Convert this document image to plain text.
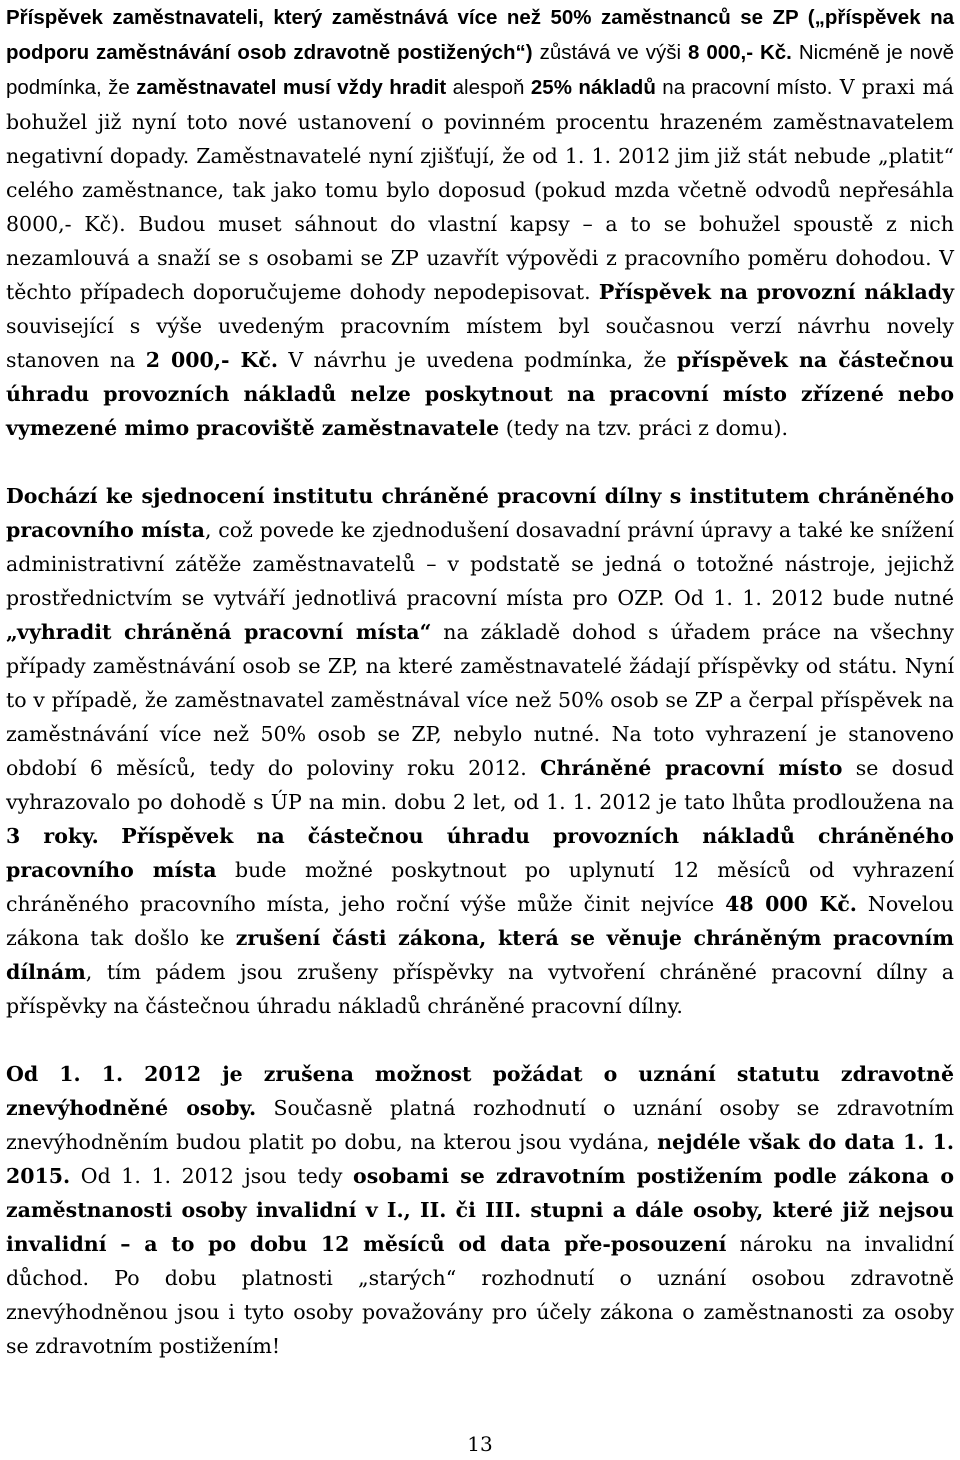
Příspěvek zaměstnavateli, který zaměstnává více než 50% zaměstnanců se ZP („příspěvek na podporu zaměstnávání osob zdravotně postižených“) zůstává ve výši 8 000,- Kč. Nicméně je nově podmínka, že zaměstnavatel musí vždy hradit alespoň 25% nákladů na pracovní místo. V praxi má bohužel již nyní toto nové ustanovení o povinném procentu hrazeném zaměstnavatelem negativní dopady. Zaměstnavatelé nyní zjišťují, že od 1. 1. 2012 jim již stát nebude „platit“ celého zaměstnance, tak jako tomu bylo doposud (pokud mzda včetně odvodů nepřesáhla 8000,- Kč). Budou muset sáhnout do vlastní kapsy – a to se bohužel spoustě z nich nezamlouvá a snaží se s osobami se ZP uzavřít výpovědi z pracovního poměru dohodou. V těchto případech doporučujeme dohody nepodepisovat. Příspěvek na provozní náklady související s výše uvedeným pracovním místem byl současnou verzí návrhu novely stanoven na 2 000,- Kč. V návrhu je uvedena podmínka, že příspěvek na částečnou úhradu provozních nákladů nelze poskytnout na pracovní místo zřízené nebo vymezené mimo pracoviště zaměstnavatele (tedy na tzv. práci z domu).

Dochází ke sjednocení institutu chráněné pracovní dílny s institutem chráněného pracovního místa, což povede ke zjednodušení dosavadní právní úpravy a také ke snížení administrativní zátěže zaměstnavatelů – v podstatě se jedná o totožné nástroje, jejichž prostřednictvím se vytváří jednotlivá pracovní místa pro OZP. Od 1. 1. 2012 bude nutné „vyhradit chráněná pracovní místa“ na základě dohod s úřadem práce na všechny případy zaměstnávání osob se ZP, na které zaměstnavatelé žádají příspěvky od státu. Nyní to v případě, že zaměstnavatel zaměstnával více než 50% osob se ZP a čerpal příspěvek na zaměstnávání více než 50% osob se ZP, nebylo nutné. Na toto vyhrazení je stanoveno období 6 měsíců, tedy do poloviny roku 2012. Chráněné pracovní místo se dosud vyhrazovalo po dohodě s ÚP na min. dobu 2 let, od 1. 1. 2012 je tato lhůta prodloužena na 3 roky. Příspěvek na částečnou úhradu provozních nákladů chráněného pracovního místa bude možné poskytnout po uplynutí 12 měsíců od vyhrazení chráněného pracovního místa, jeho roční výše může činit nejvíce 48 000 Kč. Novelou zákona tak došlo ke zrušení části zákona, která se věnuje chráněným pracovním dílnám, tím pádem jsou zrušeny příspěvky na vytvoření chráněné pracovní dílny a příspěvky na částečnou úhradu nákladů chráněné pracovní dílny.

Od 1. 1. 2012 je zrušena možnost požádat o uznání statutu zdravotně znevýhodněné osoby. Současně platná rozhodnutí o uznání osoby se zdravotním znevýhodněním budou platit po dobu, na kterou jsou vydána, nejdéle však do data 1. 1. 2015. Od 1. 1. 2012 jsou tedy osobami se zdravotním postižením podle zákona o zaměstnanosti osoby invalidní v I., II. či III. stupni a dále osoby, které již nejsou invalidní – a to po dobu 12 měsíců od data pře-posouzení nároku na invalidní důchod. Po dobu platnosti „starých“ rozhodnutí o uznání osobou zdravotně znevýhodněnou jsou i tyto osoby považovány pro účely zákona o zaměstnanosti za osoby se zdravotním postižením!

13
